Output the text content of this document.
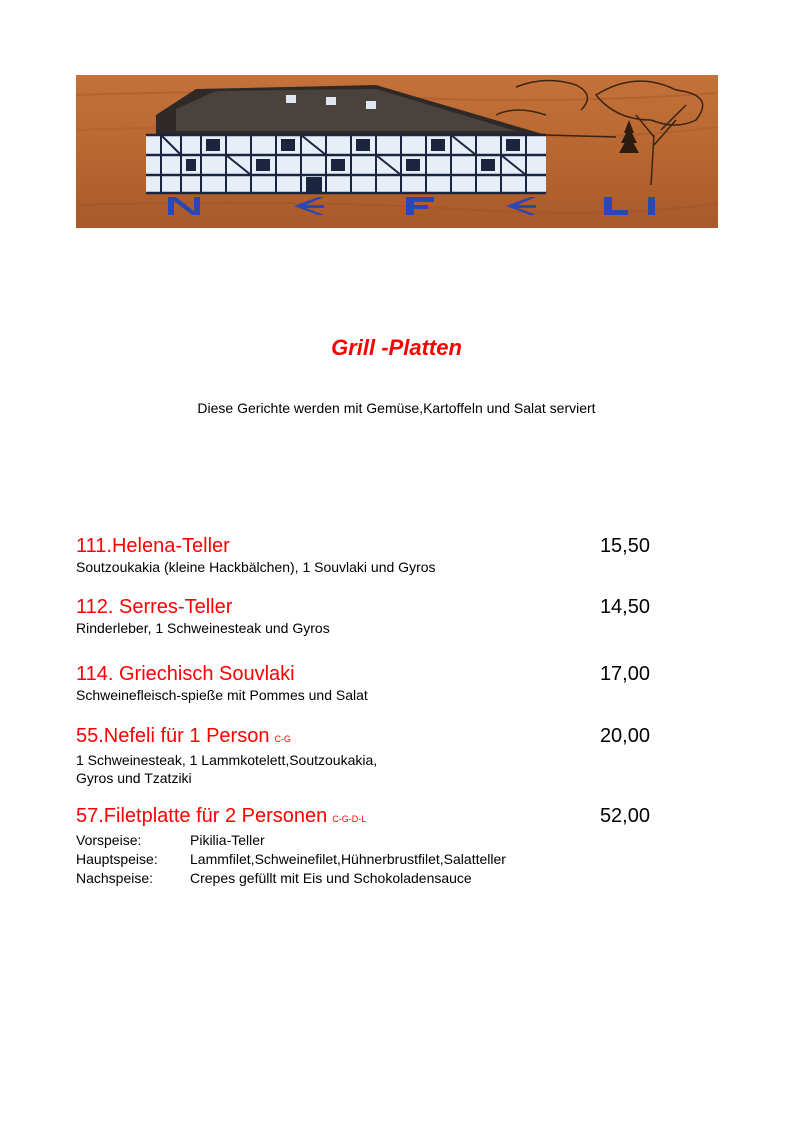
Grill -Platten
Diese Gerichte werden mit Gemüse,Kartoffeln und Salat serviert
111.Helena-Teller	15,50
Soutzoukakia (kleine Hackbälchen), 1 Souvlaki und Gyros
112. Serres-Teller	14,50
Rinderleber, 1 Schweinesteak und Gyros
114. Griechisch Souvlaki	17,00
Schweinefleisch-spieße mit Pommes und Salat
55.Nefeli für 1 Person C-G	20,00
1 Schweinesteak, 1 Lammkotelett,Soutzoukakia,
Gyros und Tzatziki
57.Filetplatte für 2 Personen C-G-D-L	52,00
Vorspeise:	Pikilia-Teller
Hauptspeise: Lammfilet,Schweinefilet,Hühnerbrustfilet,Salatteller
Nachspeise:	Crepes gefüllt mit Eis und Schokoladensauce
